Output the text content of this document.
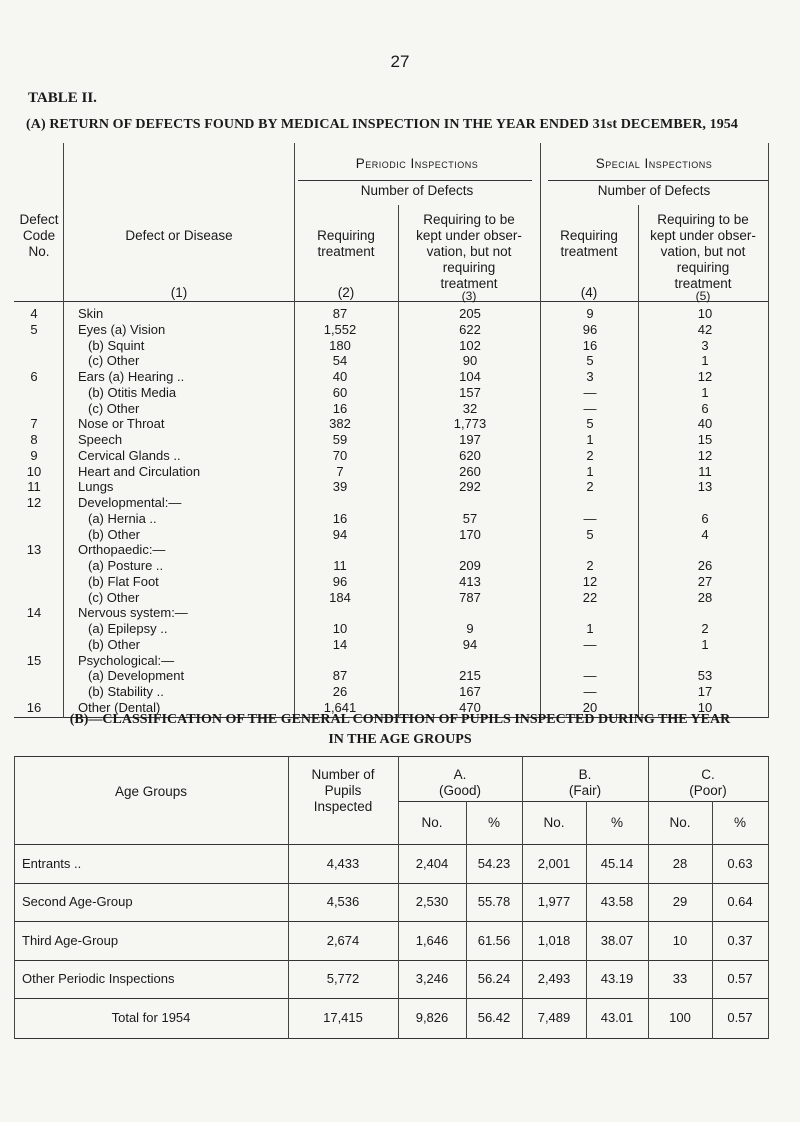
27
TABLE II.
(A) RETURN OF DEFECTS FOUND BY MEDICAL INSPECTION IN THE YEAR ENDED 31st DECEMBER, 1954
Periodic Inspections	Special Inspections
Number of Defects	Number of Defects
Defect
Code
No.
Defect or Disease
(1)
Requiring
treatment
(2)
Requiring to be
kept under obser-
vation, but not
requiring
treatment
(3)
Requiring
treatment
(4)
Requiring to be
kept under obser-
vation, but not
requiring
treatment
(5)
4	Skin	87	205	9	10
5	Eyes (a) Vision	1,552	622	96	42
(b) Squint	180	102	16	3
(c) Other	54	90	5	1
6	Ears (a) Hearing ..	40	104	3	12
(b) Otitis Media	60	157	—	1
(c) Other	16	32	—	6
7	Nose or Throat	382	1,773	5	40
8	Speech	59	197	1	15
9	Cervical Glands ..	70	620	2	12
10	Heart and Circulation	7	260	1	11
11	Lungs	39	292	2	13
12	Developmental:—
(a) Hernia ..	16	57	—	6
(b) Other	94	170	5	4
13	Orthopaedic:—
(a) Posture ..	11	209	2	26
(b) Flat Foot	96	413	12	27
(c) Other	184	787	22	28
14	Nervous system:—
(a) Epilepsy ..	10	9	1	2
(b) Other	14	94	—	1
15	Psychological:—
(a) Development	87	215	—	53
(b) Stability ..	26	167	—	17
16	Other (Dental)	1,641	470	20	10
(B)—CLASSIFICATION OF THE GENERAL CONDITION OF PUPILS INSPECTED DURING THE YEAR
IN THE AGE GROUPS
Age Groups
Number of
Pupils
Inspected
A.
(Good)
B.
(Fair)
C.
(Poor)
No.	%	No.	%	No.	%
Entrants ..	4,433	2,404	54.23	2,001	45.14	28	0.63
Second Age-Group	4,536	2,530	55.78	1,977	43.58	29	0.64
Third Age-Group	2,674	1,646	61.56	1,018	38.07	10	0.37
Other Periodic Inspections	5,772	3,246	56.24	2,493	43.19	33	0.57
Total for 1954	17,415	9,826	56.42	7,489	43.01	100	0.57
